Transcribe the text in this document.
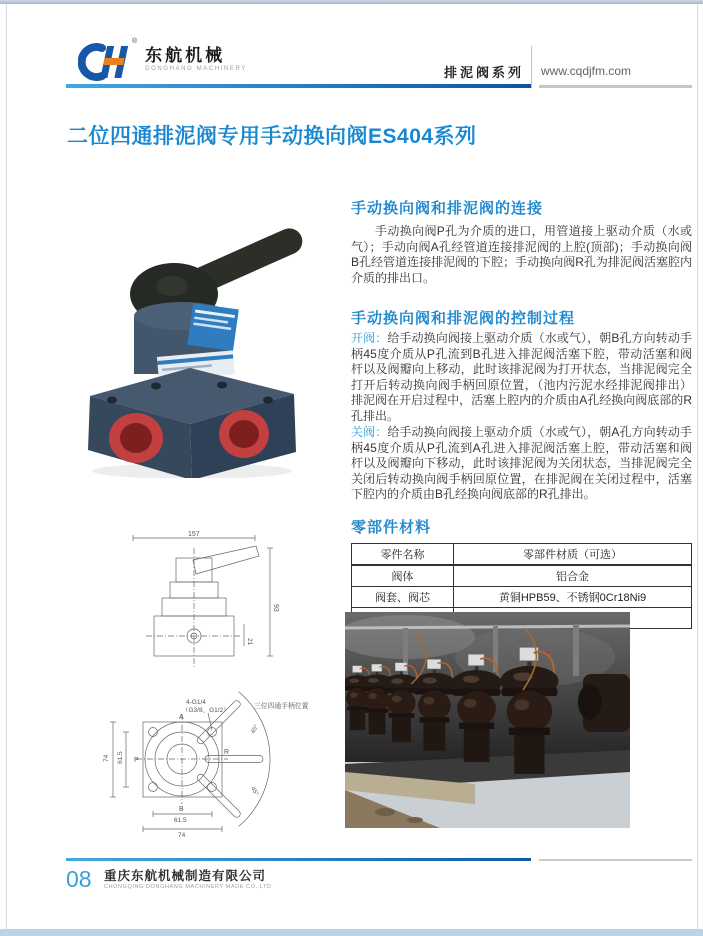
®
东航机械
DONGHANG MACHINERY	排泥阀系列 www.cqdjfm.com
二位四通排泥阀专用手动换向阀ES404系列
手动换向阀和排泥阀的连接

手动换向阀P孔为介质的进口，用管道接上驱动介质（水或气）；手动向阀A孔经管道连接排泥阀的上腔(顶部)；手动换向阀B孔经管道连接排泥阀的下腔；手动换向阀R孔为排泥阀活塞腔内介质的排出口。

手动换向阀和排泥阀的控制过程

开阀：给手动换向阀接上驱动介质（水或气），朝B孔方向转动手柄45度介质从P孔流到B孔进入排泥阀活塞下腔，带动活塞和阀杆以及阀瓣向上移动，此时该排泥阀为打开状态，当排泥阀完全打开后转动换向阀手柄回原位置，（池内污泥水经排泥阀排出）排泥阀在开启过程中，活塞上腔内的介质由A孔经换向阀底部的R孔排出。

关阀：给手动换向阀接上驱动介质（水或气），朝A孔方向转动手柄45度介质从P孔流到A孔进入排泥阀活塞上腔，带动活塞和阀杆以及阀瓣向下移动，此时该排泥阀为关闭状态，当排泥阀完全关闭后转动换向阀手柄回原位置，在排泥阀在关闭过程中，活塞下腔内的介质由B孔经换向阀底部的R孔排出。

零部件材料
零件名称	零部件材质（可选）
阀体	铝合金
阀套、阀芯	黄铜HPB59、不锈钢0Cr18Ni9

157
93
21
4-G1/4
（G3/8、G1/2）
三位四通手柄位置
45°
45°
A
B
P
R
74 61.5
61.5
74
08 重庆东航机械制造有限公司
CHONGQING DONGHANG MACHINERY MADE CO.,LTD
